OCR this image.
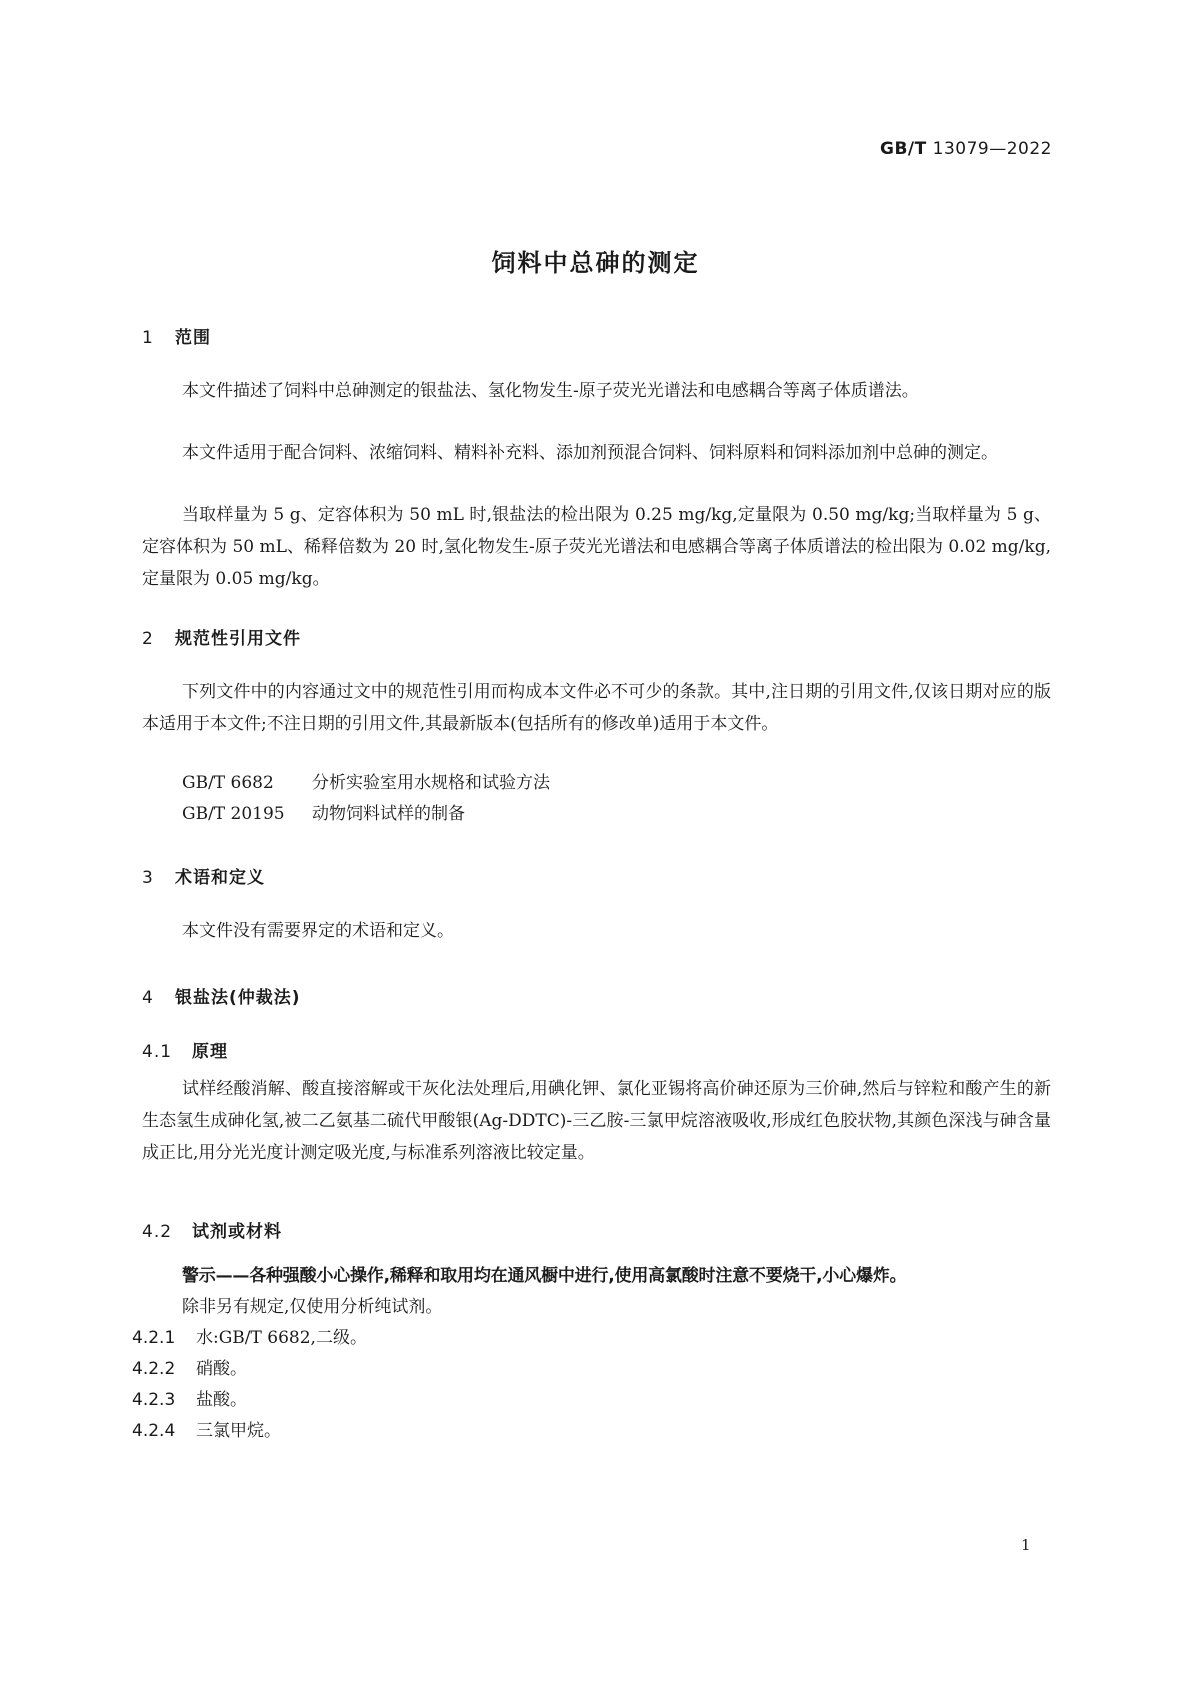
GB/T 13079—2022
饲料中总砷的测定
1 范围

本文件描述了饲料中总砷测定的银盐法、氢化物发生-原子荧光光谱法和电感耦合等离子体质谱法。

本文件适用于配合饲料、浓缩饲料、精料补充料、添加剂预混合饲料、饲料原料和饲料添加剂中总砷的测定。

当取样量为 5 g、定容体积为 50 mL 时,银盐法的检出限为 0.25 mg/kg,定量限为 0.50 mg/kg;当取样量为 5 g、定容体积为 50 mL、稀释倍数为 20 时,氢化物发生-原子荧光光谱法和电感耦合等离子体质谱法的检出限为 0.02 mg/kg,定量限为 0.05 mg/kg。

2 规范性引用文件

下列文件中的内容通过文中的规范性引用而构成本文件必不可少的条款。其中,注日期的引用文件,仅该日期对应的版本适用于本文件;不注日期的引用文件,其最新版本(包括所有的修改单)适用于本文件。

GB/T 6682 分析实验室用水规格和试验方法
GB/T 20195 动物饲料试样的制备
3 术语和定义

本文件没有需要界定的术语和定义。

4 银盐法(仲裁法)
4.1 原理

试样经酸消解、酸直接溶解或干灰化法处理后,用碘化钾、氯化亚锡将高价砷还原为三价砷,然后与锌粒和酸产生的新生态氢生成砷化氢,被二乙氨基二硫代甲酸银(Ag-DDTC)-三乙胺-三氯甲烷溶液吸收,形成红色胶状物,其颜色深浅与砷含量成正比,用分光光度计测定吸光度,与标准系列溶液比较定量。

4.2 试剂或材料

警示——各种强酸小心操作,稀释和取用均在通风橱中进行,使用高氯酸时注意不要烧干,小心爆炸。

除非另有规定,仅使用分析纯试剂。

4.2.1 水:GB/T 6682,二级。
4.2.2 硝酸。
4.2.3 盐酸。
4.2.4 三氯甲烷。
1
